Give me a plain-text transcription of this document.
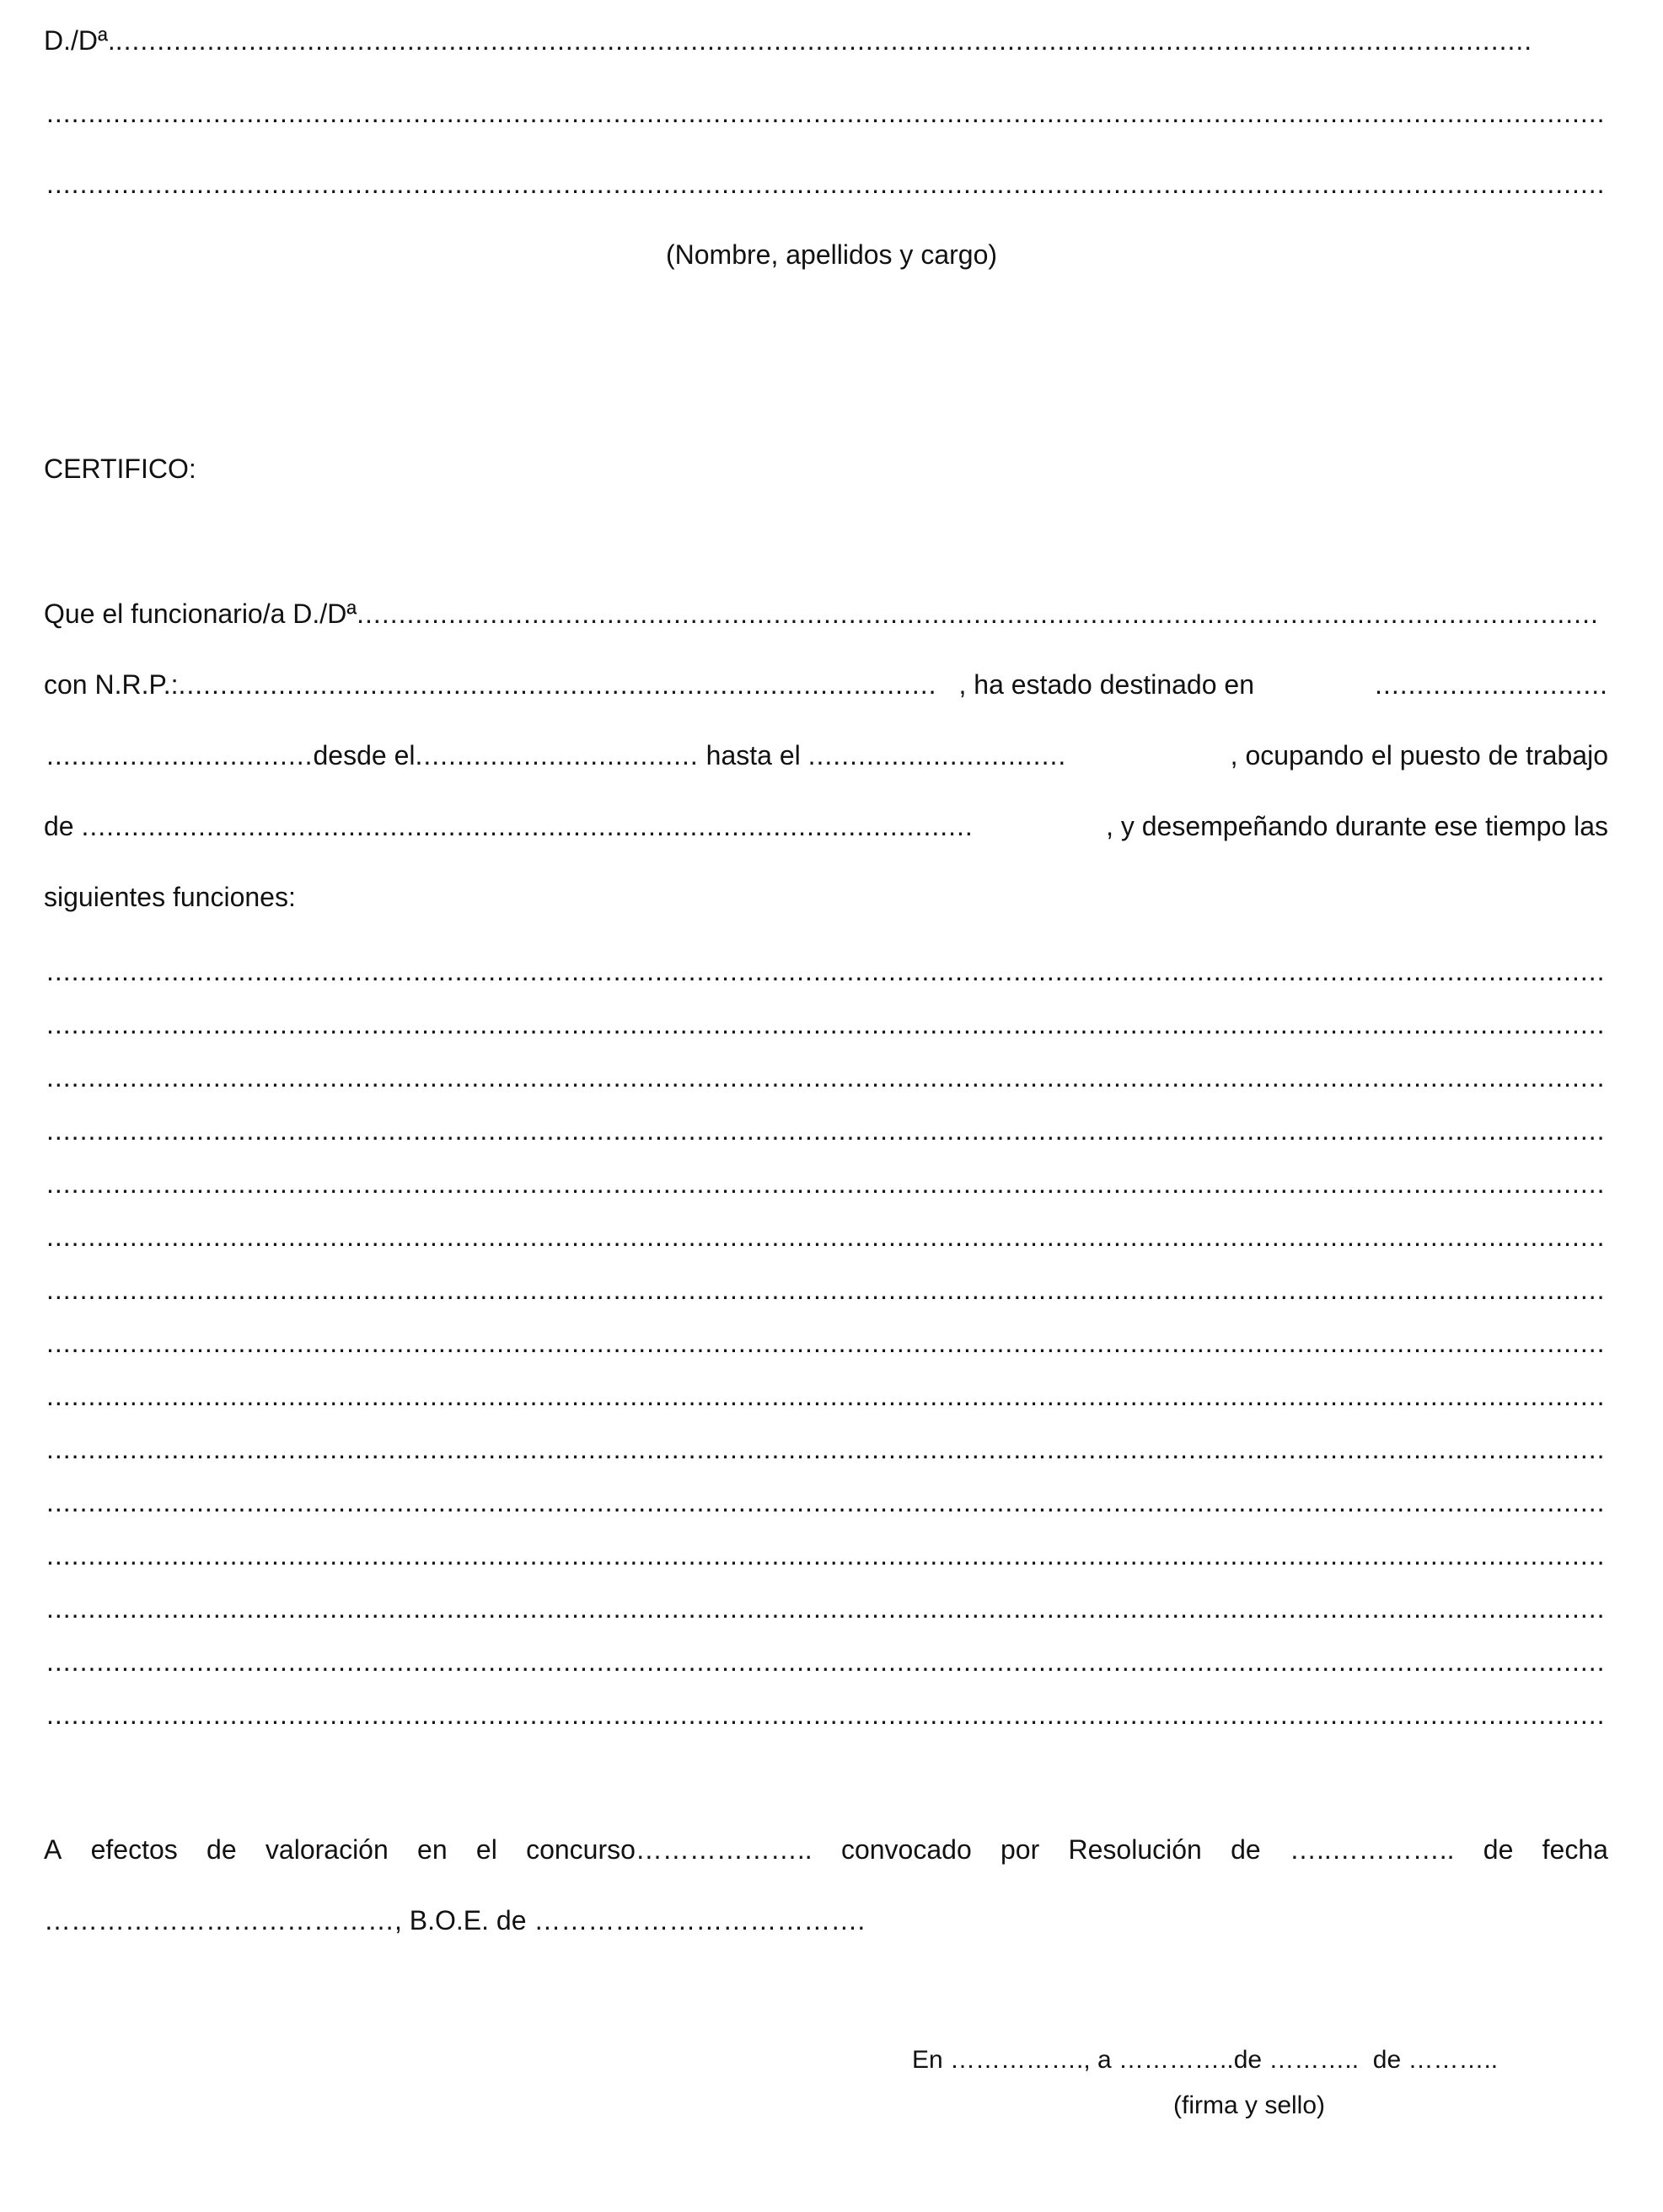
D./Dª. ..........................................................................................................................................................................
...........................................................................................................................................................................................
...........................................................................................................................................................................................
(Nombre, apellidos y cargo)
CERTIFICO:
Que el funcionario/a D./Dª .....................................................................................................................................................
con N.R.P.: ........................................................................................... , ha estado destinado en	............................
................................ desde el .................................. hasta el ...............................	, ocupando el puesto de trabajo
de ...........................................................................................................	, y desempeñando durante ese tiempo las
siguientes funciones:
...........................................................................................................................................................................................
...........................................................................................................................................................................................
...........................................................................................................................................................................................
...........................................................................................................................................................................................
...........................................................................................................................................................................................
...........................................................................................................................................................................................
...........................................................................................................................................................................................
...........................................................................................................................................................................................
...........................................................................................................................................................................................
...........................................................................................................................................................................................
...........................................................................................................................................................................................
...........................................................................................................................................................................................
...........................................................................................................................................................................................
...........................................................................................................................................................................................
...........................................................................................................................................................................................
A efectos de valoración en el concurso……………….. convocado por Resolución de …..………….. de fecha
…………………………………, B.O.E. de ……………………………….
En ……………., a …………..de ………..  de ………..
(firma y sello)
